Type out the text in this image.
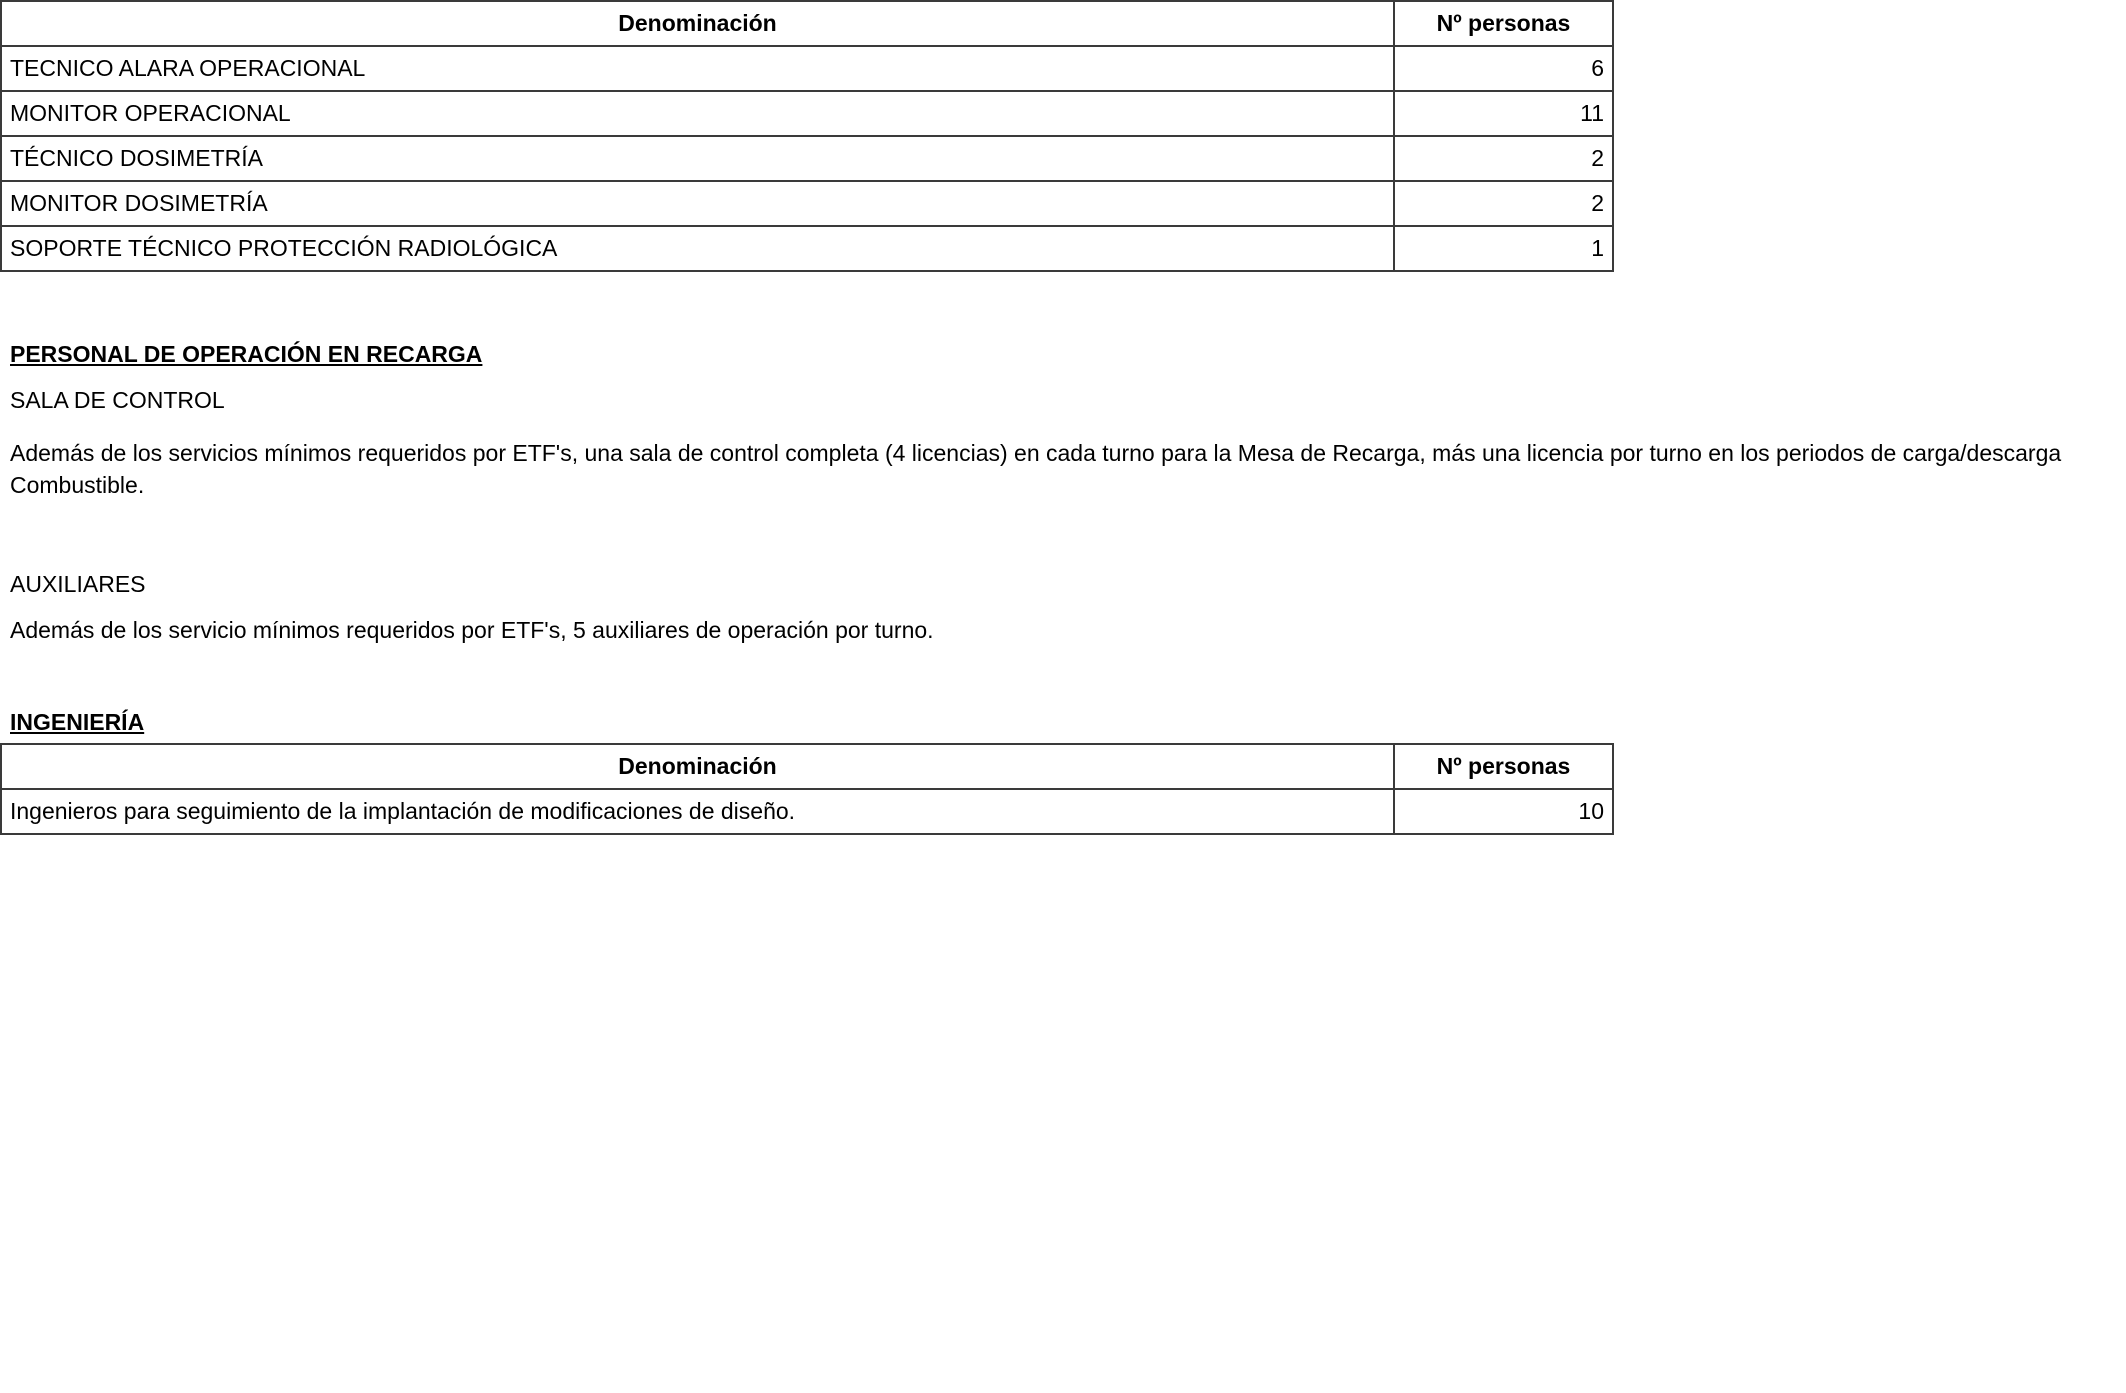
Denominación	Nº personas
TECNICO ALARA OPERACIONAL	6
MONITOR OPERACIONAL	11
TÉCNICO DOSIMETRÍA	2
MONITOR DOSIMETRÍA	2
SOPORTE TÉCNICO PROTECCIÓN RADIOLÓGICA	1
PERSONAL DE OPERACIÓN EN RECARGA
SALA DE CONTROL
Además de los servicios mínimos requeridos por ETF's, una sala de control completa (4 licencias) en cada turno para la Mesa de Recarga, más una licencia por turno en los periodos de carga/descarga
Combustible.
AUXILIARES
Además de los servicio mínimos requeridos por ETF's, 5 auxiliares de operación por turno.
INGENIERÍA
Denominación	Nº personas
Ingenieros para seguimiento de la implantación de modificaciones de diseño.	10
